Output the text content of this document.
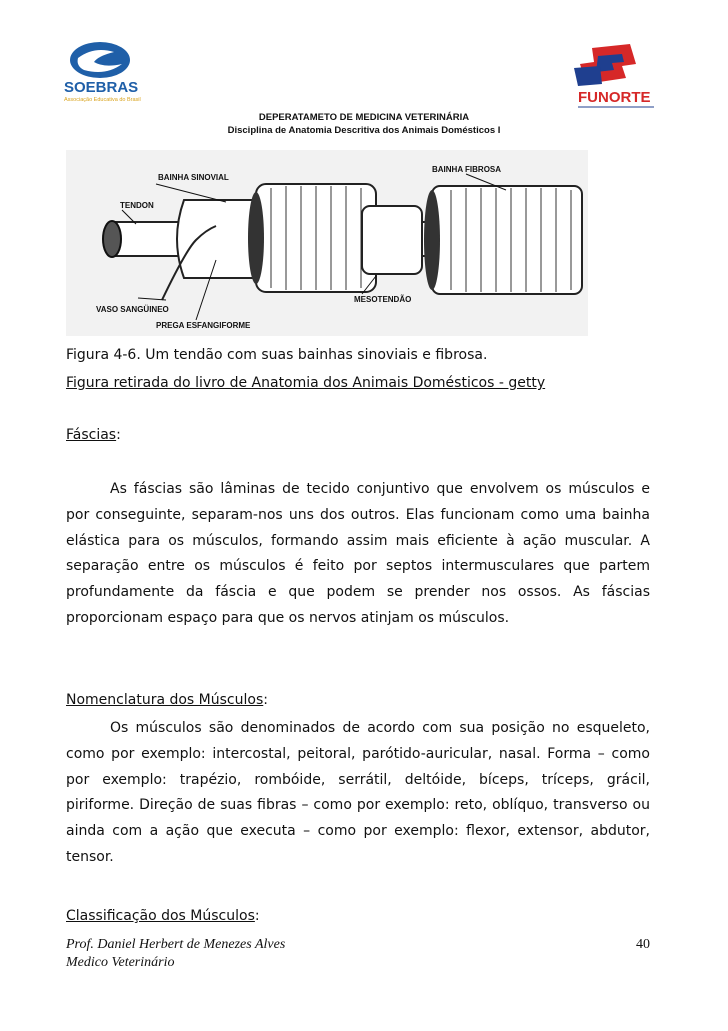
SOEBRAS
Associação Educativa do Brasil	FUNORTE
DEPERATAMETO DE MEDICINA VETERINÁRIA
Disciplina de Anatomia Descritiva dos Animais Domésticos I
BAINHA SINOVIAL
BAINHA FIBROSA
TENDON
VASO SANGÜINEO
PREGA ESFANGIFORME
MESOTENDÃO
Figura 4-6. Um tendão com suas bainhas sinoviais e fibrosa.
Figura retirada do livro de Anatomia dos Animais Domésticos - getty
Fáscias:

As fáscias são lâminas de tecido conjuntivo que envolvem os músculos e por conseguinte, separam-nos uns dos outros. Elas funcionam como uma bainha elástica para os músculos, formando assim mais eficiente à ação muscular. A separação entre os músculos é feito por septos intermusculares que partem profundamente da fáscia e que podem se prender nos ossos. As fáscias proporcionam espaço para que os nervos atinjam os músculos.

Nomenclatura dos Músculos:

Os músculos são denominados de acordo com sua posição no esqueleto, como por exemplo: intercostal, peitoral, parótido-auricular, nasal. Forma – como por exemplo: trapézio, rombóide, serrátil, deltóide, bíceps, tríceps, grácil, piriforme. Direção de suas fibras – como por exemplo: reto, oblíquo, transverso ou ainda com a ação que executa – como por exemplo: flexor, extensor, abdutor, tensor.

Classificação dos Músculos:
Prof. Daniel Herbert de Menezes Alves
Medico Veterinário
40
